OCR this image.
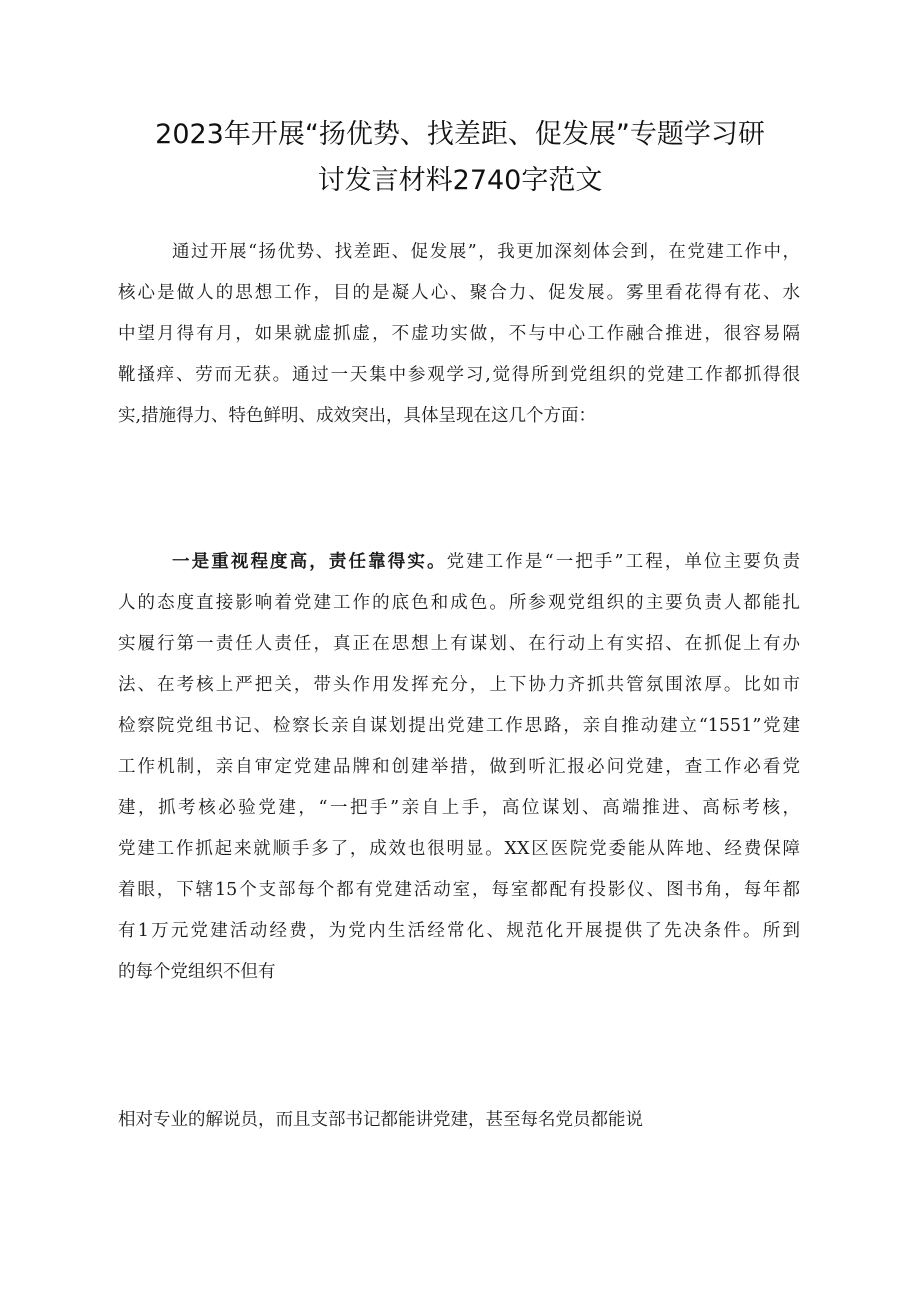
2023年开展“扬优势、找差距、促发展”专题学习研
讨发言材料2740字范文
通过开展“扬优势、找差距、促发展”，我更加深刻体会到，在党建工作中，
核心是做人的思想工作，目的是凝人心、聚合力、促发展。雾里看花得有花、水
中望月得有月，如果就虚抓虚，不虚功实做，不与中心工作融合推进，很容易隔
靴搔痒、劳而无获。通过一天集中参观学习,觉得所到党组织的党建工作都抓得很
实,措施得力、特色鲜明、成效突出，具体呈现在这几个方面：
一是重视程度高，责任靠得实。党建工作是“一把手”工程，单位主要负责
人的态度直接影响着党建工作的底色和成色。所参观党组织的主要负责人都能扎
实履行第一责任人责任，真正在思想上有谋划、在行动上有实招、在抓促上有办
法、在考核上严把关，带头作用发挥充分，上下协力齐抓共管氛围浓厚。比如市
检察院党组书记、检察长亲自谋划提出党建工作思路，亲自推动建立“1551”党建
工作机制，亲自审定党建品牌和创建举措，做到听汇报必问党建，查工作必看党
建，抓考核必验党建，“一把手”亲自上手，高位谋划、高端推进、高标考核，
党建工作抓起来就顺手多了，成效也很明显。XX区医院党委能从阵地、经费保障
着眼，下辖15个支部每个都有党建活动室，每室都配有投影仪、图书角，每年都
有1万元党建活动经费，为党内生活经常化、规范化开展提供了先决条件。所到
的每个党组织不但有
相对专业的解说员，而且支部书记都能讲党建，甚至每名党员都能说
